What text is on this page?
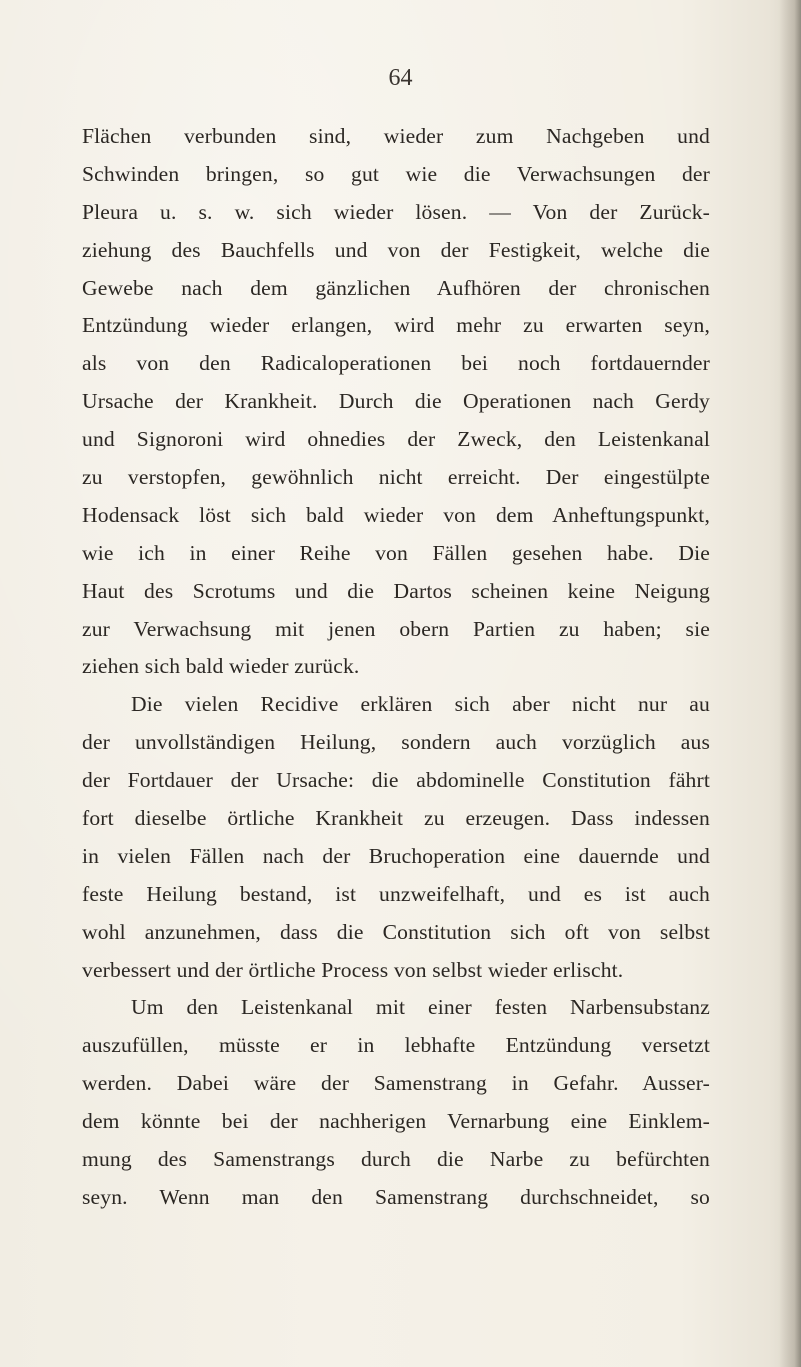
64
Flächen verbunden sind, wieder zum Nachgeben und
Schwinden bringen, so gut wie die Verwachsungen der
Pleura u. s. w. sich wieder lösen. — Von der Zurück-
ziehung des Bauchfells und von der Festigkeit, welche die
Gewebe nach dem gänzlichen Aufhören der chronischen
Entzündung wieder erlangen, wird mehr zu erwarten seyn,
als von den Radicaloperationen bei noch fortdauernder
Ursache der Krankheit. Durch die Operationen nach Gerdy
und Signoroni wird ohnedies der Zweck, den Leistenkanal
zu verstopfen, gewöhnlich nicht erreicht. Der eingestülpte
Hodensack löst sich bald wieder von dem Anheftungspunkt,
wie ich in einer Reihe von Fällen gesehen habe. Die
Haut des Scrotums und die Dartos scheinen keine Neigung
zur Verwachsung mit jenen obern Partien zu haben; sie
ziehen sich bald wieder zurück.
Die vielen Recidive erklären sich aber nicht nur au
der unvollständigen Heilung, sondern auch vorzüglich aus
der Fortdauer der Ursache: die abdominelle Constitution fährt
fort dieselbe örtliche Krankheit zu erzeugen. Dass indessen
in vielen Fällen nach der Bruchoperation eine dauernde und
feste Heilung bestand, ist unzweifelhaft, und es ist auch
wohl anzunehmen, dass die Constitution sich oft von selbst
verbessert und der örtliche Process von selbst wieder erlischt.
Um den Leistenkanal mit einer festen Narbensubstanz
auszufüllen, müsste er in lebhafte Entzündung versetzt
werden. Dabei wäre der Samenstrang in Gefahr. Ausser-
dem könnte bei der nachherigen Vernarbung eine Einklem-
mung des Samenstrangs durch die Narbe zu befürchten
seyn. Wenn man den Samenstrang durchschneidet, so
